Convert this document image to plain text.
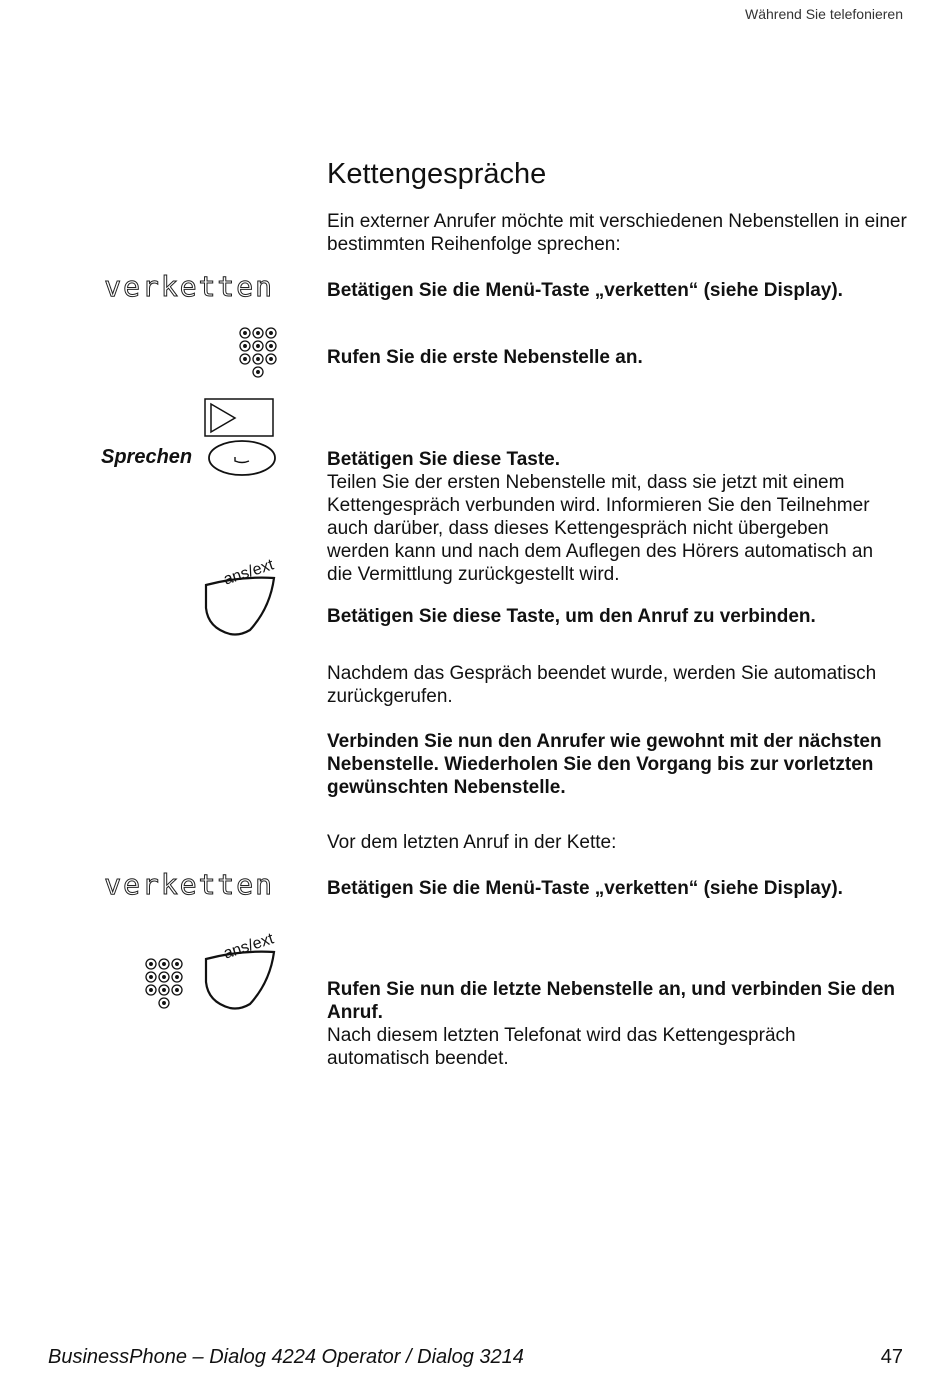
Während Sie telefonieren
Kettengespräche
Ein externer Anrufer möchte mit verschiedenen Nebenstellen in einer bestimmten Reihenfolge sprechen:
verketten	Betätigen Sie die Menü-Taste „verketten“ (siehe Display).
Rufen Sie die erste Nebenstelle an.
Sprechen	Betätigen Sie diese Taste.
Teilen Sie der ersten Nebenstelle mit, dass sie jetzt mit einem Kettengespräch verbunden wird. Informieren Sie den Teilnehmer auch darüber, dass dieses Kettengespräch nicht übergeben werden kann und nach dem Auflegen des Hörers automatisch an die Vermittlung zurückgestellt wird.
ans/ext
Betätigen Sie diese Taste, um den Anruf zu verbinden.
Nachdem das Gespräch beendet wurde, werden Sie automatisch zurückgerufen.
Verbinden Sie nun den Anrufer wie gewohnt mit der nächsten Nebenstelle. Wiederholen Sie den Vorgang bis zur vorletzten gewünschten Nebenstelle.
Vor dem letzten Anruf in der Kette:
verketten	Betätigen Sie die Menü-Taste „verketten“ (siehe Display).
ans/ext
Rufen Sie nun die letzte Nebenstelle an, und verbinden Sie den Anruf.
Nach diesem letzten Telefonat wird das Kettengespräch automatisch beendet.
BusinessPhone – Dialog 4224 Operator / Dialog 3214	47
